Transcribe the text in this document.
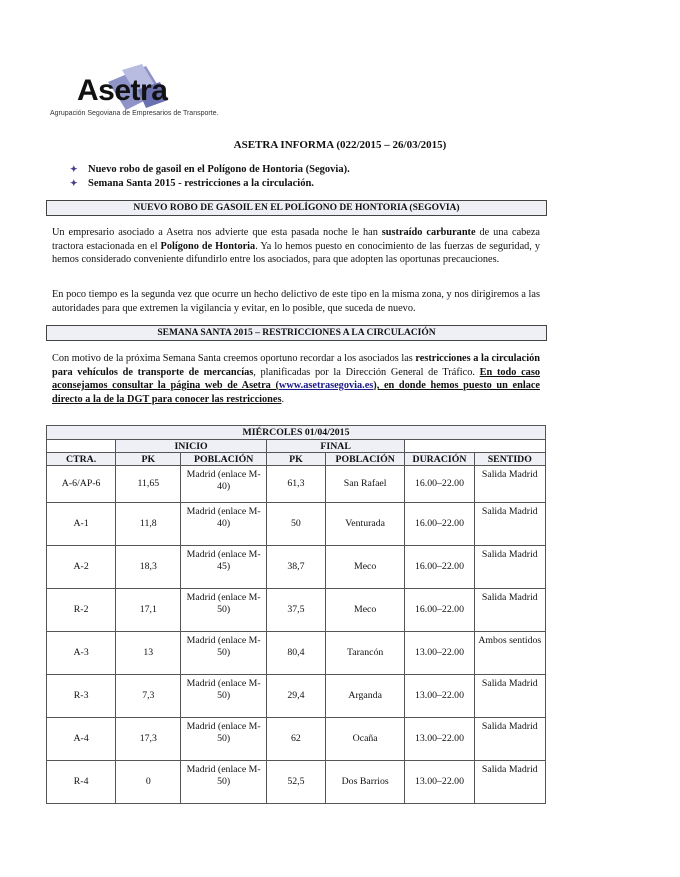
Asetra
Agrupación Segoviana de Empresarios de Transporte.
ASETRA INFORMA (022/2015 – 26/03/2015)
✦ Nuevo robo de gasoil en el Polígono de Hontoria (Segovia).
✦ Semana Santa 2015 - restricciones a la circulación.
NUEVO ROBO DE GASOIL EN EL POLÍGONO DE HONTORIA (SEGOVIA)
Un empresario asociado a Asetra nos advierte que esta pasada noche le han sustraído carburante de una cabeza tractora estacionada en el Polígono de Hontoria. Ya lo hemos puesto en conocimiento de las fuerzas de seguridad, y hemos considerado conveniente difundirlo entre los asociados, para que adopten las oportunas precauciones.
En poco tiempo es la segunda vez que ocurre un hecho delictivo de este tipo en la misma zona, y nos dirigiremos a las autoridades para que extremen la vigilancia y evitar, en lo posible, que suceda de nuevo.
SEMANA SANTA 2015 – RESTRICCIONES A LA CIRCULACIÓN
Con motivo de la próxima Semana Santa creemos oportuno recordar a los asociados las restricciones a la circulación para vehículos de transporte de mercancías, planificadas por la Dirección General de Tráfico. En todo caso aconsejamos consultar la página web de Asetra (www.asetrasegovia.es), en donde hemos puesto un enlace directo a la de la DGT para conocer las restricciones.
MIÉRCOLES 01/04/2015						
	INICIO		FINAL			
CTRA.	PK	POBLACIÓN	PK	POBLACIÓN	DURACIÓN	SENTIDO
A-6/AP-6	11,65	Madrid (enlace M-40)	61,3	San Rafael	16.00–22.00	Salida Madrid
A-1	11,8	Madrid (enlace M-40)	50	Venturada	16.00–22.00	Salida Madrid
A-2	18,3	Madrid (enlace M-45)	38,7	Meco	16.00–22.00	Salida Madrid
R-2	17,1	Madrid (enlace M-50)	37,5	Meco	16.00–22.00	Salida Madrid
A-3	13	Madrid (enlace M-50)	80,4	Tarancón	13.00–22.00	Ambos sentidos
R-3	7,3	Madrid (enlace M-50)	29,4	Arganda	13.00–22.00	Salida Madrid
A-4	17,3	Madrid (enlace M-50)	62	Ocaña	13.00–22.00	Salida Madrid
R-4	0	Madrid (enlace M-50)	52,5	Dos Barrios	13.00–22.00	Salida Madrid
